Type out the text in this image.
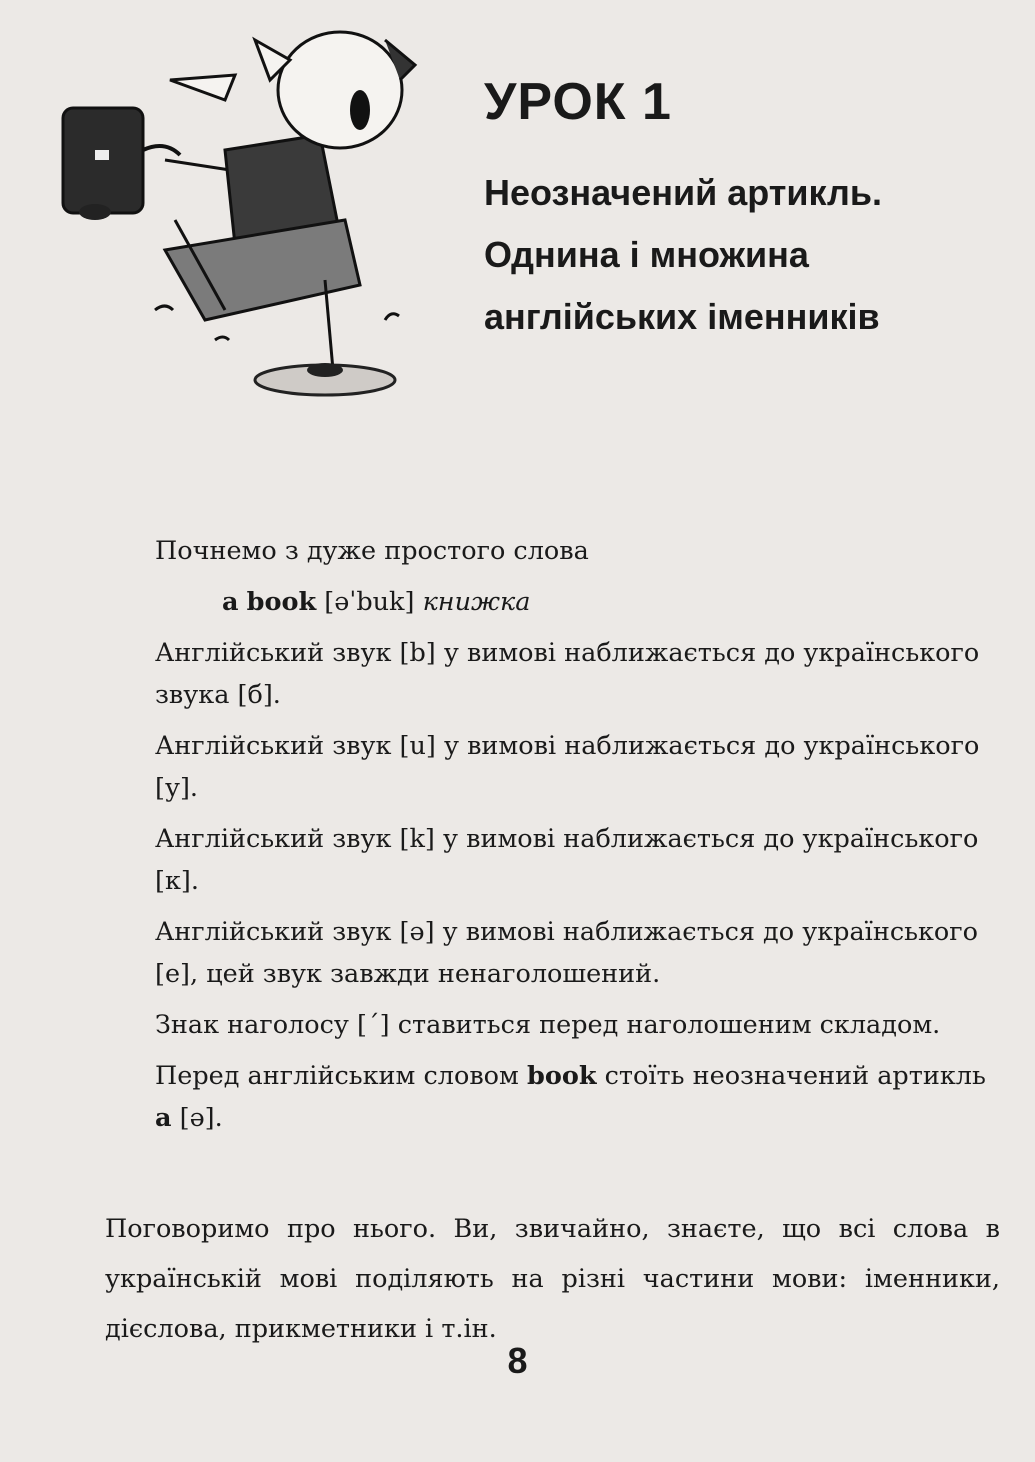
УРОК 1
Неозначений артикль.
Однина і множина
англійських іменників

Почнемо з дуже простого слова

a book [əˈbuk] книжка

Англійський звук [b] у вимові наближається до українського звука [б].

Англійський звук [u] у вимові наближається до українського [у].

Англійський звук [k] у вимові наближається до українського [к].

Англійський звук [ə] у вимові наближається до українського [е], цей звук завжди ненаголошений.

Знак наголосу [ˊ] ставиться перед наголошеним складом.

Перед англійським словом book стоїть неозначений артикль a [ə].

Поговоримо про нього. Ви, звичайно, знаєте, що всі слова в українській мові поділяють на різні частини мови: іменники, дієслова, прикметники і т.ін.

8
